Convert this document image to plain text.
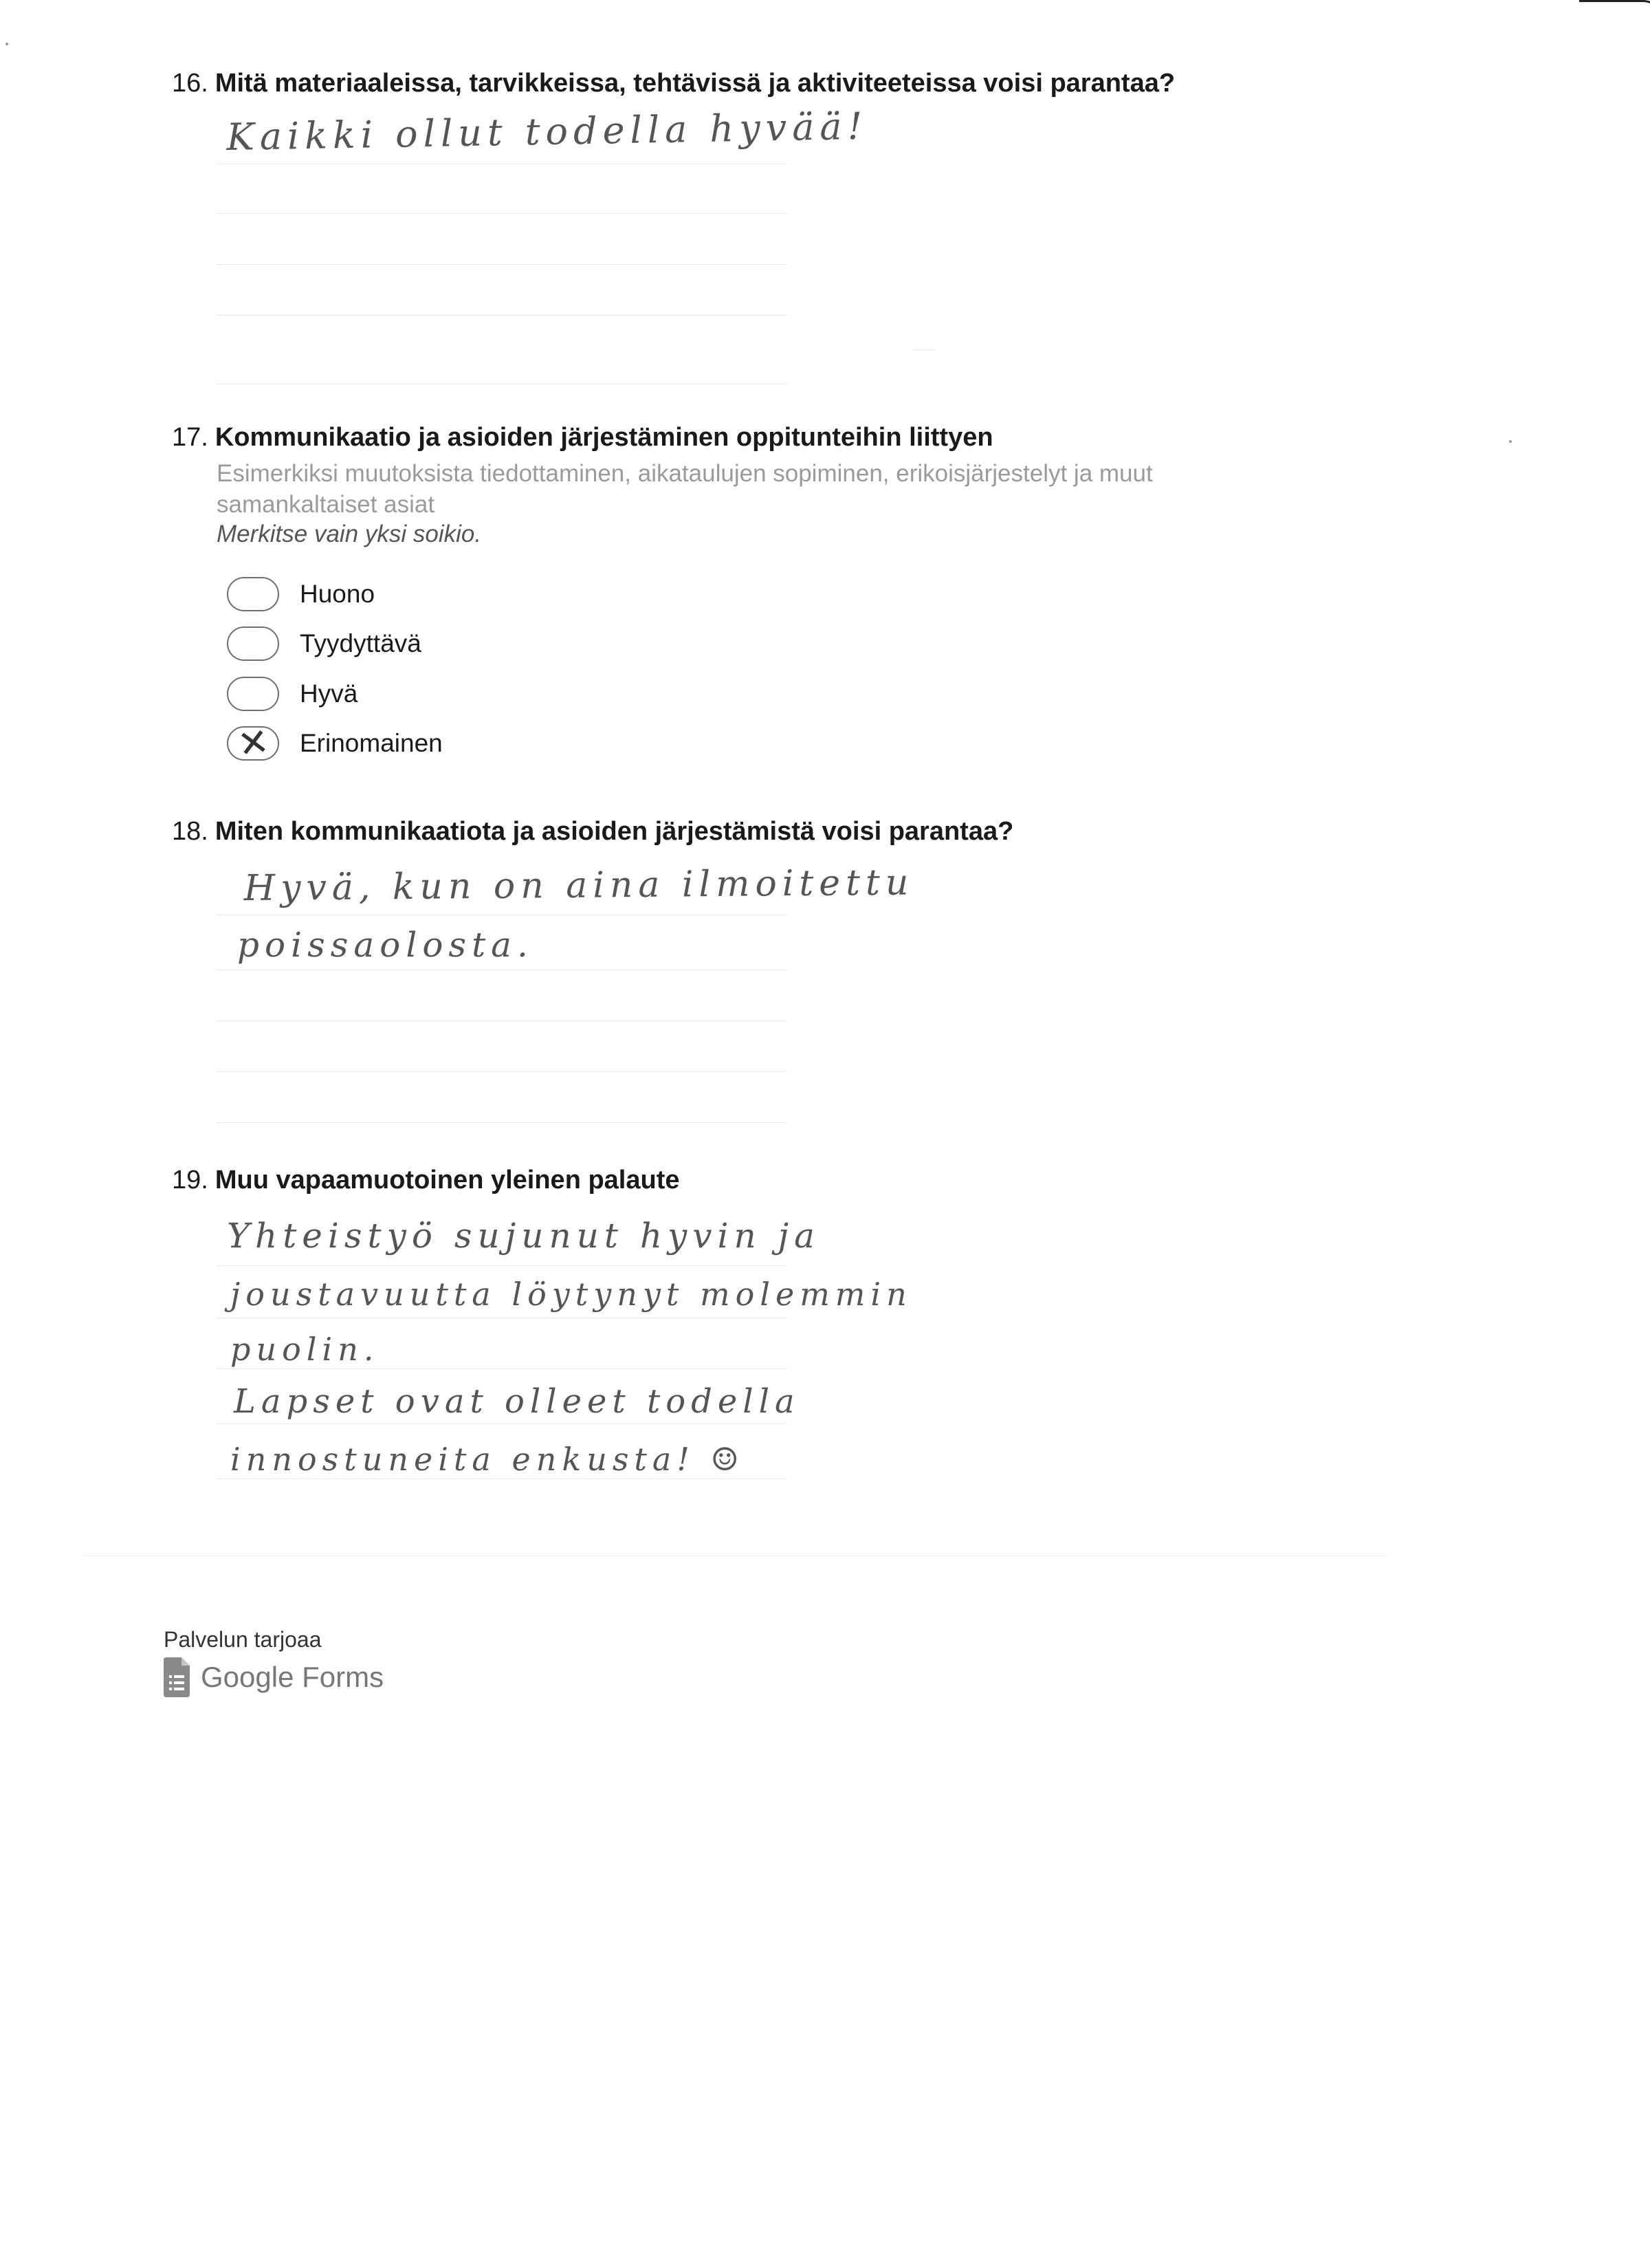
16. Mitä materiaaleissa, tarvikkeissa, tehtävissä ja aktiviteeteissa voisi parantaa?
Kaikki ollut todella hyvää!
17. Kommunikaatio ja asioiden järjestäminen oppitunteihin liittyen
Esimerkiksi muutoksista tiedottaminen, aikataulujen sopiminen, erikoisjärjestelyt ja muut
samankaltaiset asiat
Merkitse vain yksi soikio.
Huono
Tyydyttävä
Hyvä
✕ Erinomainen
18. Miten kommunikaatiota ja asioiden järjestämistä voisi parantaa?
Hyvä, kun on aina ilmoitettu
poissaolosta.
19. Muu vapaamuotoinen yleinen palaute
Yhteistyö sujunut hyvin ja
joustavuutta löytynyt molemmin
puolin.
Lapset ovat olleet todella
innostuneita enkusta! ☺
Palvelun tarjoaa
Google Forms
